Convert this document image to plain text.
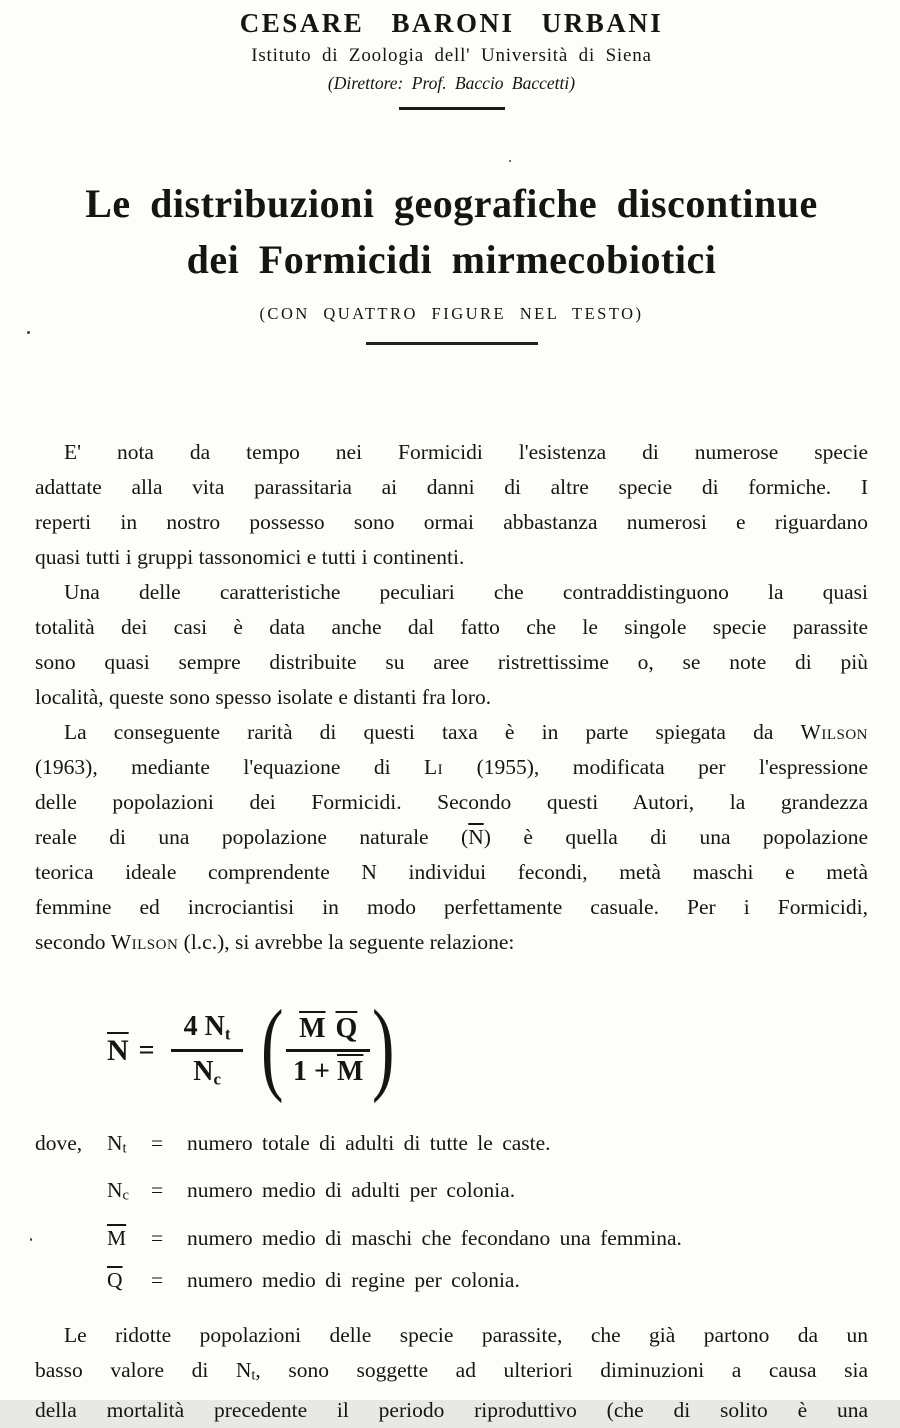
CESARE BARONI URBANI
Istituto di Zoologia dell' Università di Siena
(Direttore: Prof. Baccio Baccetti)
Le distribuzioni geografiche discontinue
dei Formicidi mirmecobiotici
(CON QUATTRO FIGURE NEL TESTO)
E' nota da tempo nei Formicidi l'esistenza di numerose specie
adattate alla vita parassitaria ai danni di altre specie di formiche. I
reperti in nostro possesso sono ormai abbastanza numerosi e riguardano
quasi tutti i gruppi tassonomici e tutti i continenti.
Una delle caratteristiche peculiari che contraddistinguono la quasi
totalità dei casi è data anche dal fatto che le singole specie parassite
sono quasi sempre distribuite su aree ristrettissime o, se note di più
località, queste sono spesso isolate e distanti fra loro.
La conseguente rarità di questi taxa è in parte spiegata da Wilson
(1963), mediante l'equazione di Li (1955), modificata per l'espressione
delle popolazioni dei Formicidi. Secondo questi Autori, la grandezza
reale di una popolazione naturale $(\overline{N})$ è quella di una popolazione
teorica ideale comprendente N individui fecondi, metà maschi e metà
femmine ed incrociantisi in modo perfettamente casuale. Per i Formicidi,
secondo Wilson (l.c.), si avrebbe la seguente relazione:
$\overline{N} = \frac{4 Nt}{Nc}$ ( $\frac{\overline{M} \overline{Q}}{1 + \overline{M}}$ )
dove,	Nt	=	numero totale di adulti di tutte le caste.
Nc	=	numero medio di adulti per colonia.
$\overline{M}$	=	numero medio di maschi che fecondano una femmina.
$\overline{Q}$	=	numero medio di regine per colonia.
Le ridotte popolazioni delle specie parassite, che già partono da un
basso valore di Nt, sono soggette ad ulteriori diminuzioni a causa sia
della mortalità precedente il periodo riproduttivo (che di solito è una
